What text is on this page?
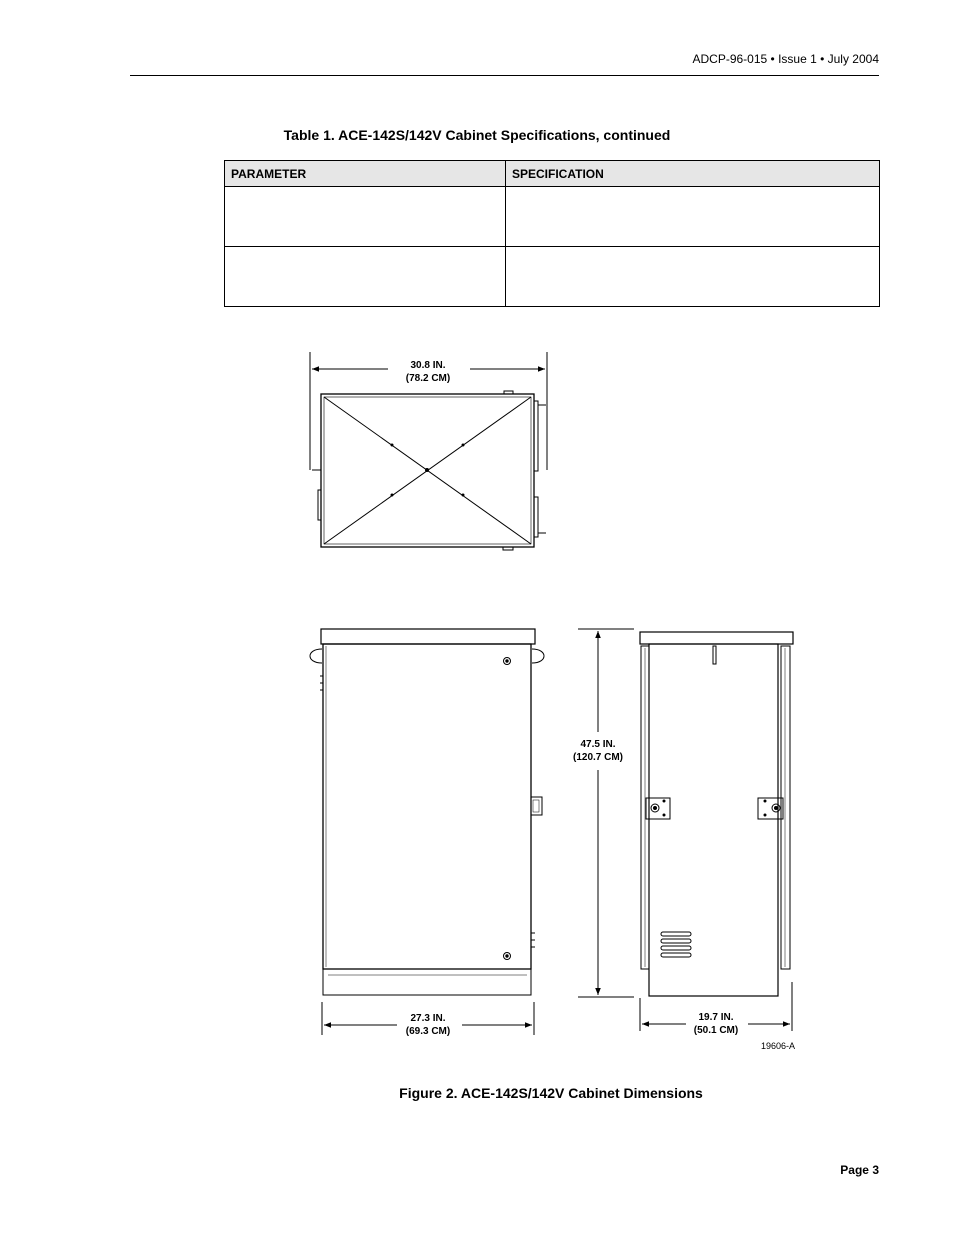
ADCP-96-015 • Issue 1 • July 2004
Table 1. ACE-142S/142V Cabinet Specifications, continued
PARAMETER	SPECIFICATION

30.8 IN.
(78.2 CM)
27.3 IN.
(69.3 CM)
47.5 IN.
(120.7 CM)
19.7 IN.
(50.1 CM)
19606-A
Figure 2. ACE-142S/142V Cabinet Dimensions
Page 3
